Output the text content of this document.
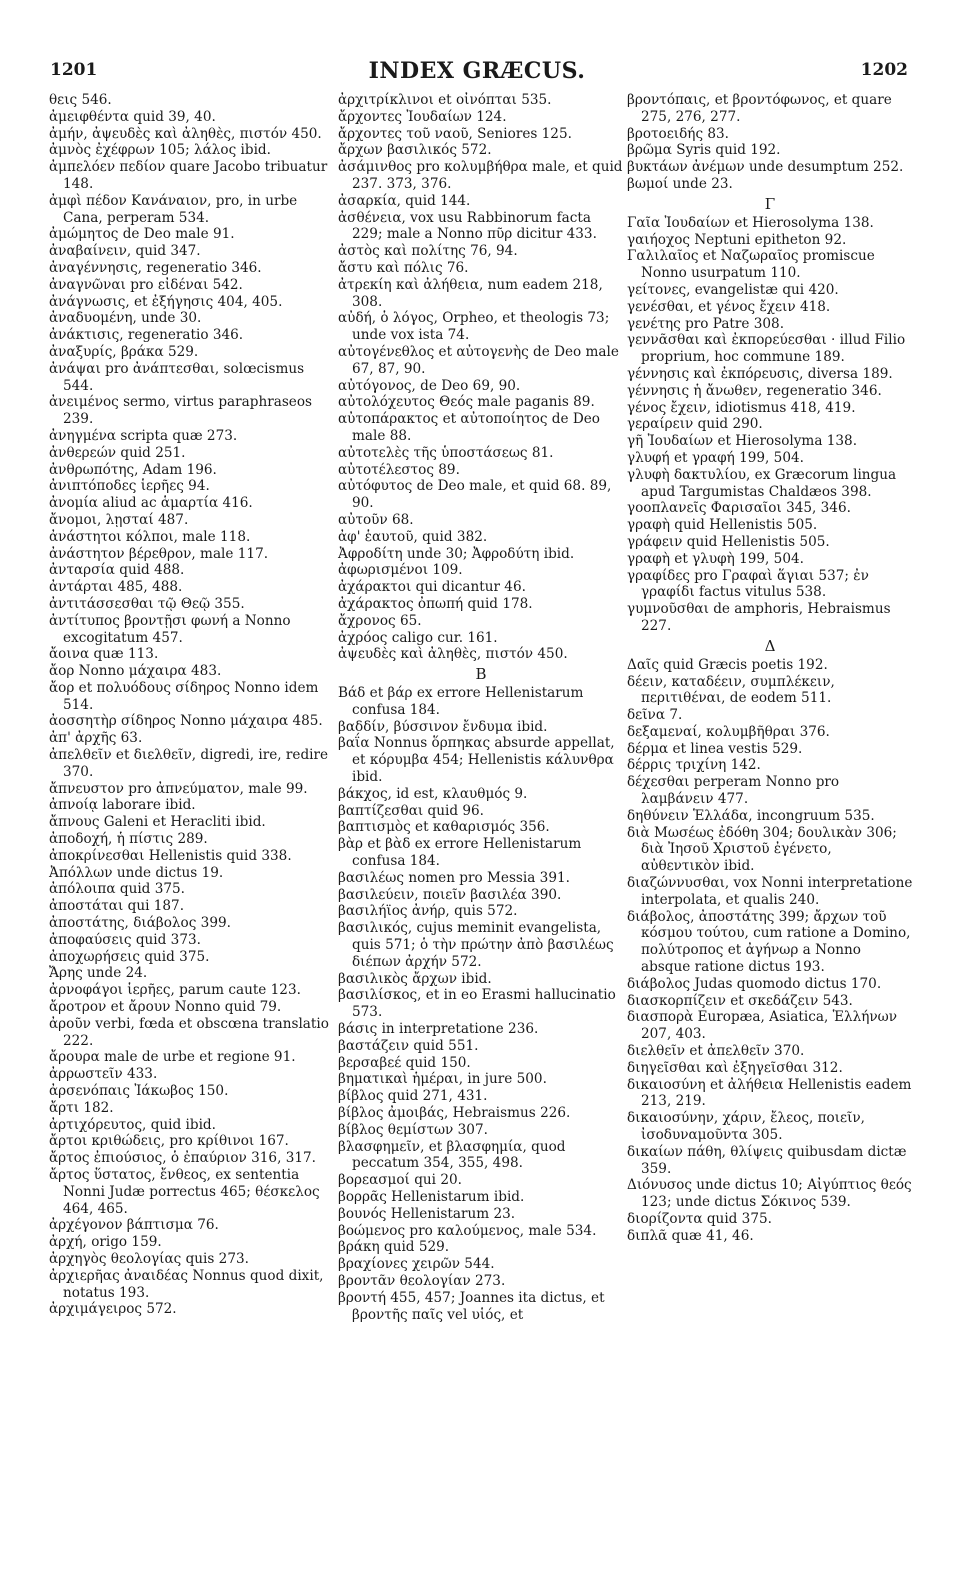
1201	INDEX GRÆCUS.	1202
θεις 546.
ἀμειφθέντα quid 39, 40.
ἀμήν, ἀψευδὲς καὶ ἀληθὲς, πιστόν 450.
ἀμνὸς ἐχέφρων 105; λάλος ibid.
ἀμπελόεν πεδίον quare Jacobo tribuatur 148.
ἀμφὶ πέδον Κανάναιον, pro, in urbe Cana, perperam 534.
ἀμώμητος de Deo male 91.
ἀναβαίνειν, quid 347.
ἀναγέννησις, regeneratio 346.
ἀναγνῶναι pro εἰδέναι 542.
ἀνάγνωσις, et ἐξήγησις 404, 405.
ἀναδυομένη, unde 30.
ἀνάκτισις, regeneratio 346.
ἀναξυρίς, βράκα 529.
ἀνάψαι pro ἀνάπτεσθαι, solœcismus 544.
ἀνειμένος sermo, virtus paraphraseos 239.
ἀνηγμένα scripta quæ 273.
ἀνθερεών quid 251.
ἀνθρωπότης, Adam 196.
ἀνιπτόποδες ἱερῆες 94.
ἀνομία aliud ac ἁμαρτία 416.
ἄνομοι, λῃσταί 487.
ἀνάστητοι κόλποι, male 118.
ἀνάστητον βέρεθρον, male 117.
ἀνταρσία quid 488.
ἀντάρται 485, 488.
ἀντιτάσσεσθαι τῷ Θεῷ 355.
ἀντίτυπος βροντῇσι φωνή a Nonno excogitatum 457.
ἄοινα quæ 113.
ἄορ Nonno μάχαιρα 483.
ἄορ et πολυόδους σίδηρος Nonno idem 514.
ἀοσσητὴρ σίδηρος Nonno μάχαιρα 485.
ἀπ' ἀρχῆς 63.
ἀπελθεῖν et διελθεῖν, digredi, ire, redire 370.
ἄπνευστον pro ἀπνεύματον, male 99.
ἀπνοίᾳ laborare ibid.
ἄπνους Galeni et Heracliti ibid.
ἀποδοχή, ἡ πίστις 289.
ἀποκρίνεσθαι Hellenistis quid 338.
Ἀπόλλων unde dictus 19.
ἀπόλοιπα quid 375.
ἀποστάται qui 187.
ἀποστάτης, διάβολος 399.
ἀποφαύσεις quid 373.
ἀποχωρήσεις quid 375.
Ἄρης unde 24.
ἀρνοφάγοι ἱερῆες, parum caute 123.
ἄροτρον et ἄρουν Nonno quid 79.
ἀροῦν verbi, fœda et obscœna translatio 222.
ἄρουρα male de urbe et regione 91.
ἀρρωστεῖν 433.
ἀρσενόπαις Ἰάκωβος 150.
ἄρτι 182.
ἀρτιχόρευτος, quid ibid.
ἄρτοι κριθώδεις, pro κρίθινοι 167.
ἄρτος ἐπιούσιος, ὁ ἐπαύριον 316, 317.
ἄρτος ὕστατος, ἔνθεος, ex sententia Nonni Judæ porrectus 465; θέσκελος 464, 465.
ἀρχέγονον βάπτισμα 76.
ἀρχή, origo 159.
ἀρχηγὸς θεολογίας quis 273.
ἀρχιερῆας ἀναιδέας Nonnus quod dixit, notatus 193.
ἀρχιμάγειρος 572.
ἀρχιτρίκλινοι et οἰνόπται 535.
ἄρχοντες Ἰουδαίων 124.
ἄρχοντες τοῦ ναοῦ, Seniores 125.
ἄρχων βασιλικός 572.
ἀσάμινθος pro κολυμβήθρα male, et quid 237. 373, 376.
ἀσαρκία, quid 144.
ἀσθένεια, vox usu Rabbinorum facta 229; male a Nonno πῦρ dicitur 433.
ἀστὸς καὶ πολίτης 76, 94.
ἄστυ καὶ πόλις 76.
ἀτρεκίη καὶ ἀλήθεια, num eadem 218, 308.
αὐδή, ὁ λόγος, Orpheo, et theologis 73; unde vox ista 74.
αὐτογένεθλος et αὐτογενὴς de Deo male 67, 87, 90.
αὐτόγονος, de Deo 69, 90.
αὐτολόχευτος Θεός male paganis 89.
αὐτοπάρακτος et αὐτοποίητος de Deo male 88.
αὐτοτελὲς τῆς ὑποστάσεως 81.
αὐτοτέλεστος 89.
αὐτόφυτος de Deo male, et quid 68. 89, 90.
αὐτοῦν 68.
ἀφ' ἑαυτοῦ, quid 382.
Ἀφροδίτη unde 30; Ἀφροδύτη ibid.
ἀφωρισμένοι 109.
ἀχάρακτοι qui dicantur 46.
ἀχάρακτος ὀπωπή quid 178.
ἄχρονος 65.
ἀχρόος caligo cur. 161.
ἀψευδὲς καὶ ἀληθὲς, πιστόν 450.
B
Βάδ et βάρ ex errore Hellenistarum confusa 184.
βαδδίν, βύσσινον ἔνδυμα ibid.
βαΐα Nonnus ὅρπηκας absurde appellat, et κόρυμβα 454; Hellenistis κάλυνθρα ibid.
βάκχος, id est, κλαυθμός 9.
βαπτίζεσθαι quid 96.
βαπτισμὸς et καθαρισμός 356.
βὰρ et βὰδ ex errore Hellenistarum confusa 184.
βασιλέως nomen pro Messia 391.
βασιλεύειν, ποιεῖν βασιλέα 390.
βασιλήϊος ἀνήρ, quis 572.
βασιλικός, cujus meminit evangelista, quis 571; ὁ τὴν πρώτην ἀπὸ βασιλέως διέπων ἀρχήν 572.
βασιλικὸς ἄρχων ibid.
βασιλίσκος, et in eo Erasmi hallucinatio 573.
βάσις in interpretatione 236.
βαστάζειν quid 551.
βερσαβεέ quid 150.
βηματικαὶ ἡμέραι, in jure 500.
βίβλος quid 271, 431.
βίβλος ἀμοιβάς, Hebraismus 226.
βίβλος θεμίστων 307.
βλασφημεῖν, et βλασφημία, quod peccatum 354, 355, 498.
βορεασμοί qui 20.
βορρᾶς Hellenistarum ibid.
βουνός Hellenistarum 23.
βοώμενος pro καλούμενος, male 534.
βράκη quid 529.
βραχίονες χειρῶν 544.
βροντᾶν θεολογίαν 273.
βροντή 455, 457; Joannes ita dictus, et βροντῆς παῖς vel υἱός, et
βροντόπαις, et βροντόφωνος, et quare 275, 276, 277.
βροτοειδής 83.
βρῶμα Syris quid 192.
βυκτάων ἀνέμων unde desumptum 252.
βωμοί unde 23.
Γ
Γαῖα Ἰουδαίων et Hierosolyma 138.
γαιήοχος Neptuni epitheton 92.
Γαλιλαῖος et Ναζωραῖος promiscue Nonno usurpatum 110.
γείτονες, evangelistæ qui 420.
γενέσθαι, et γένος ἔχειν 418.
γενέτης pro Patre 308.
γεννᾶσθαι καὶ ἐκπορεύεσθαι · illud Filio proprium, hoc commune 189.
γέννησις καὶ ἐκπόρευσις, diversa 189.
γέννησις ἡ ἄνωθεν, regeneratio 346.
γένος ἔχειν, idiotismus 418, 419.
γεραίρειν quid 290.
γῆ Ἰουδαίων et Hierosolyma 138.
γλυφή et γραφή 199, 504.
γλυφὴ δακτυλίου, ex Græcorum lingua apud Targumistas Chaldæos 398.
γοοπλανεῖς Φαρισαῖοι 345, 346.
γραφὴ quid Hellenistis 505.
γράφειν quid Hellenistis 505.
γραφὴ et γλυφὴ 199, 504.
γραφίδες pro Γραφαὶ ἅγιαι 537; ἐν γραφίδι factus vitulus 538.
γυμνοῦσθαι de amphoris, Hebraismus 227.
Δ
Δαῖς quid Græcis poetis 192.
δέειν, καταδέειν, συμπλέκειν, περιτιθέναι, de eodem 511.
δεῖνα 7.
δεξαμεναί, κολυμβῆθραι 376.
δέρμα et linea vestis 529.
δέρρις τριχίνη 142.
δέχεσθαι perperam Nonno pro λαμβάνειν 477.
δηθύνειν Ἑλλάδα, incongruum 535.
διὰ Μωσέως ἐδόθη 304; δουλικὰν 306; διὰ Ἰησοῦ Χριστοῦ ἐγένετο, αὐθεντικὸν ibid.
διαζώννυσθαι, vox Nonni interpretatione interpolata, et qualis 240.
διάβολος, ἀποστάτης 399; ἄρχων τοῦ κόσμου τούτου, cum ratione a Domino, πολύτροπος et ἀγήνωρ a Nonno absque ratione dictus 193.
διάβολος Judas quomodo dictus 170.
διασκορπίζειν et σκεδάζειν 543.
διασπορὰ Europæa, Asiatica, Ἑλλήνων 207, 403.
διελθεῖν et ἀπελθεῖν 370.
διηγεῖσθαι καὶ ἐξηγεῖσθαι 312.
δικαιοσύνη et ἀλήθεια Hellenistis eadem 213, 219.
δικαιοσύνην, χάριν, ἔλεος, ποιεῖν, ἰσοδυναμοῦντα 305.
δικαίων πάθη, θλίψεις quibusdam dictæ 359.
Διόνυσος unde dictus 10; Αἰγύπτιος θεός 123; unde dictus Σόκινος 539.
διορίζοντα quid 375.
διπλᾶ quæ 41, 46.
